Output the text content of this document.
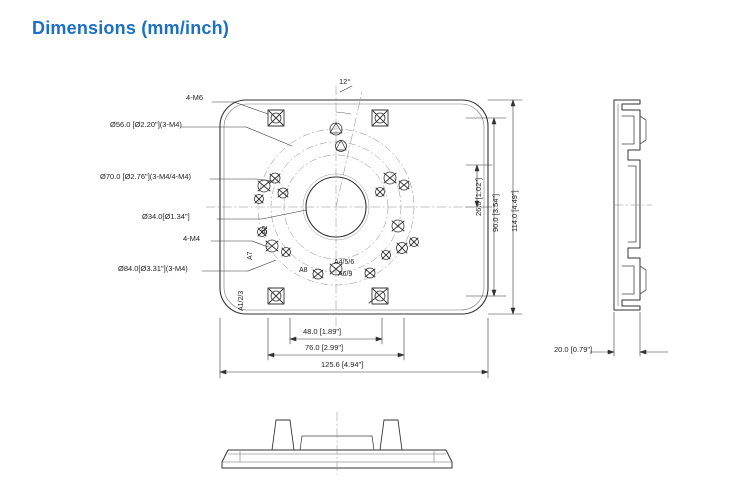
Dimensions (mm/inch)
4-M6
12°
Ø56.0 [Ø2.20"](3-M4)
Ø70.0 [Ø2.76"](3-M4/4-M4)
Ø34.0[Ø1.34"]
4-M4
Ø84.0[Ø3.31"](3-M4)
B2
A7
A1/2/3
A8
A4/5/6
A6/9
48.0 [1.89"]
76.0 [2.99"]
125.6 [4.94"]
26.0 [1.02"] 90.0 [3.54"] 114.0 [4.49"]
20.0 [0.79"]
